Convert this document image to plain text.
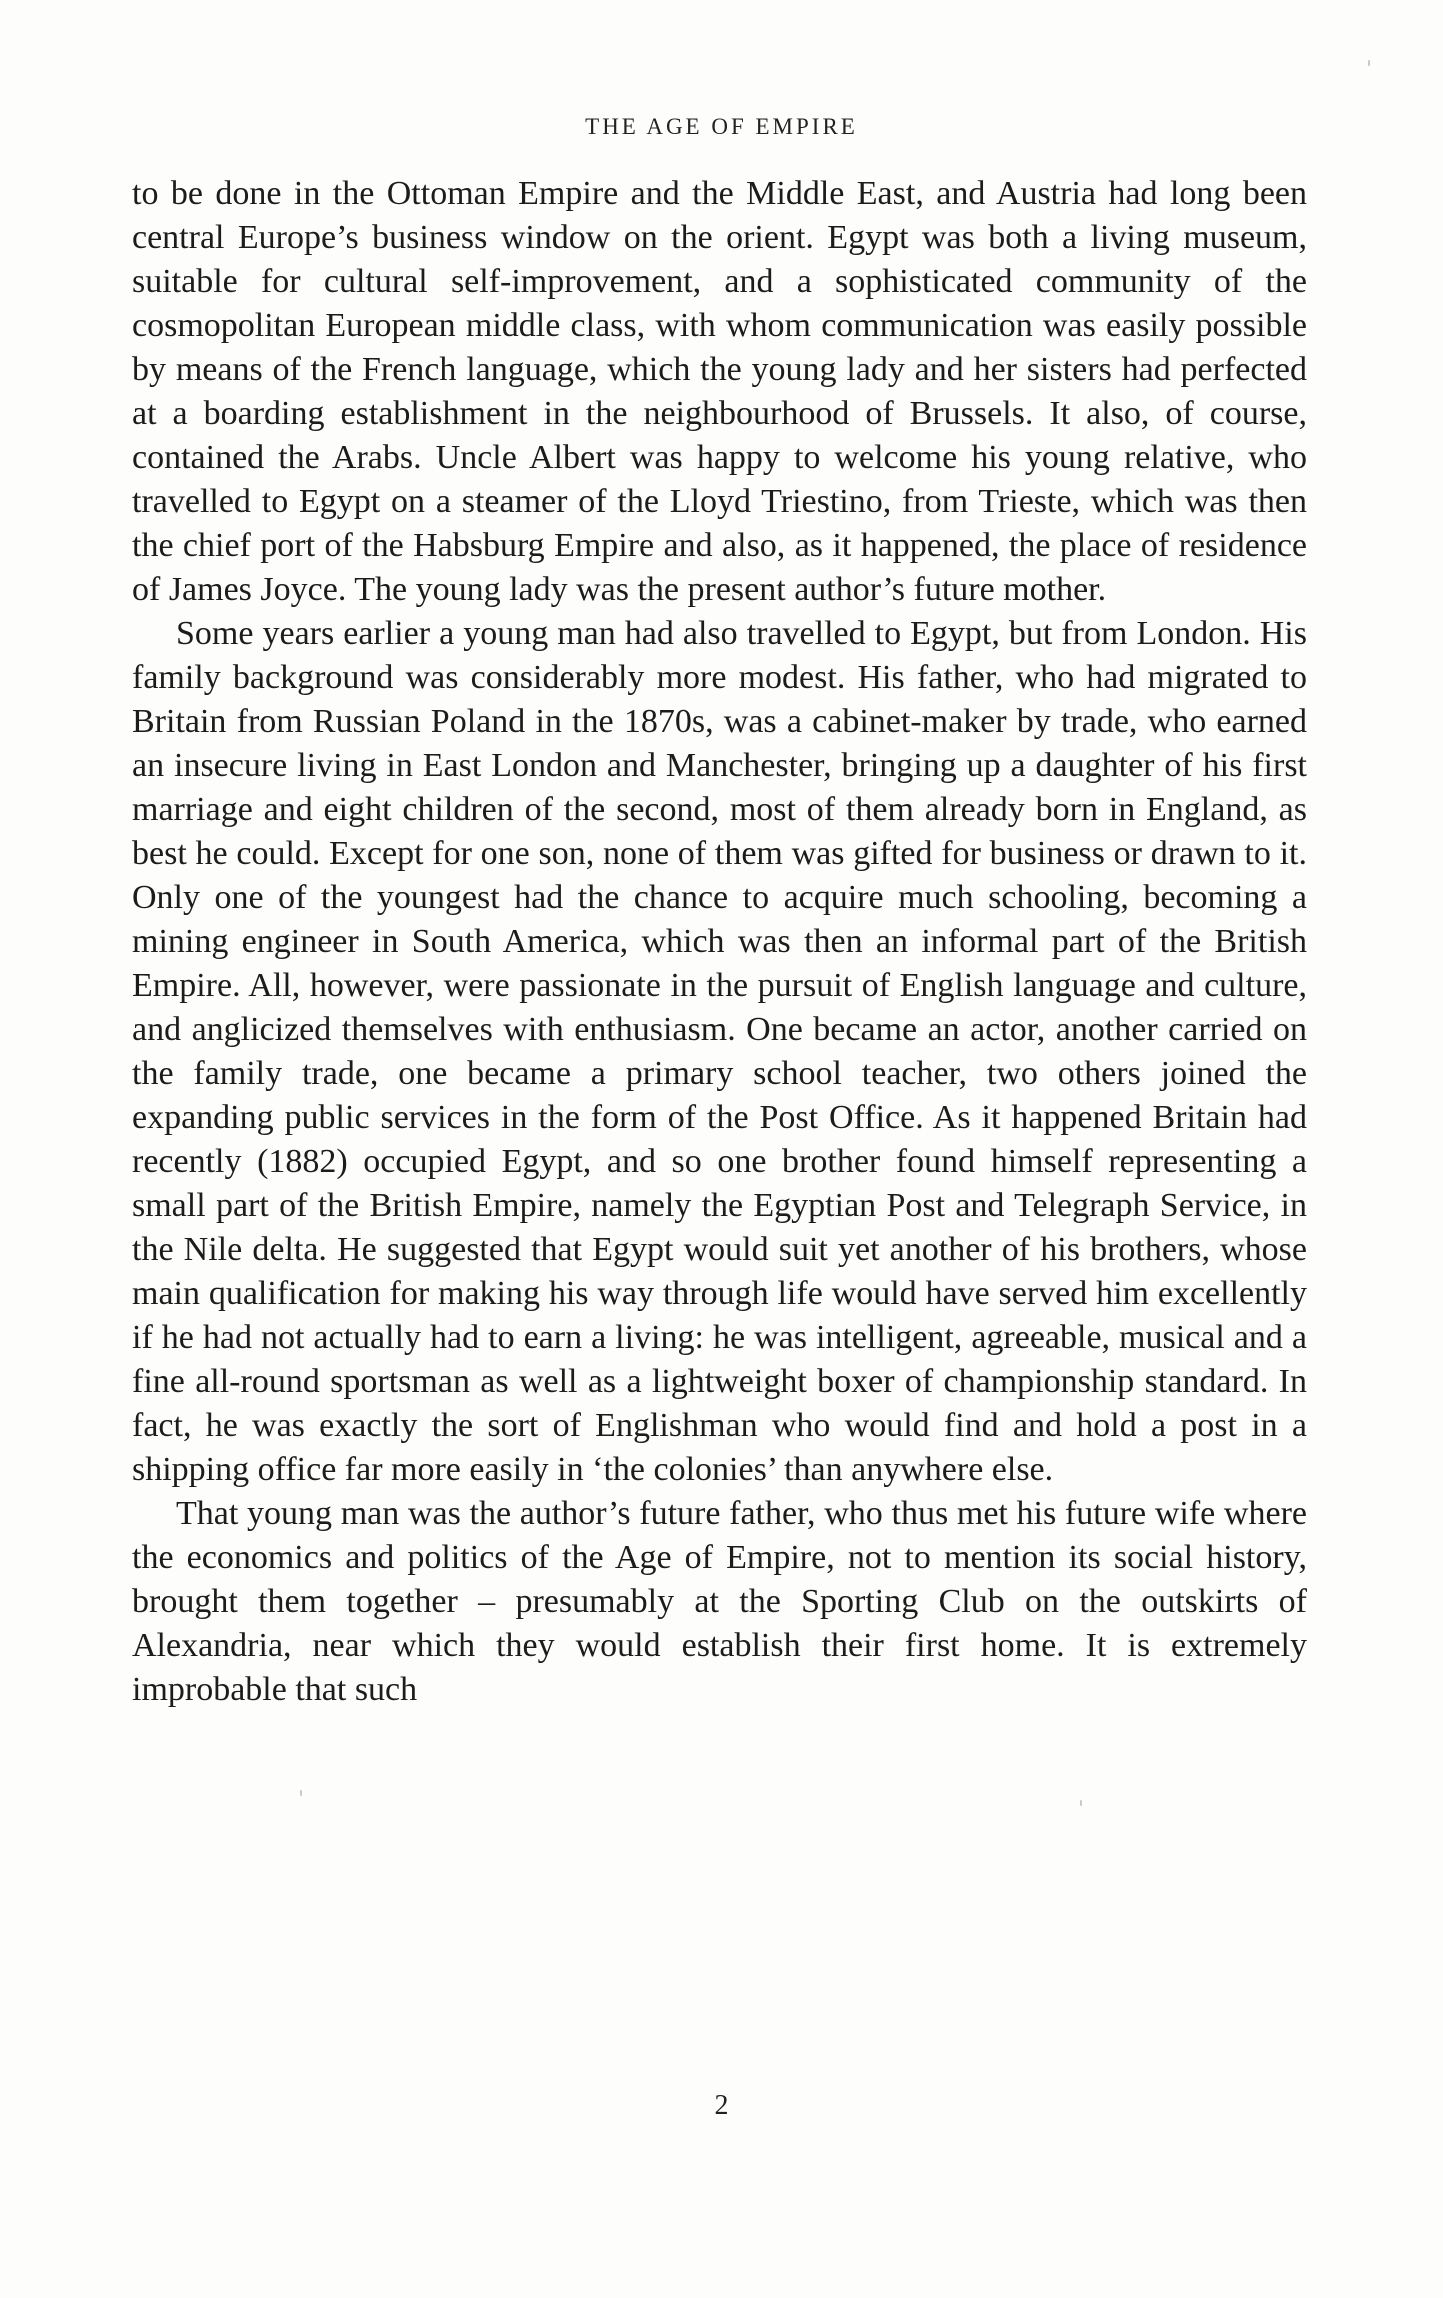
THE AGE OF EMPIRE

to be done in the Ottoman Empire and the Middle East, and Austria had long been central Europe’s business window on the orient. Egypt was both a living museum, suitable for cultural self-improvement, and a sophisticated community of the cosmopolitan European middle class, with whom communication was easily possible by means of the French language, which the young lady and her sisters had perfected at a boarding establishment in the neighbourhood of Brussels. It also, of course, contained the Arabs. Uncle Albert was happy to welcome his young relative, who travelled to Egypt on a steamer of the Lloyd Triestino, from Trieste, which was then the chief port of the Habsburg Empire and also, as it happened, the place of residence of James Joyce. The young lady was the present author’s future mother.

Some years earlier a young man had also travelled to Egypt, but from London. His family background was considerably more modest. His father, who had migrated to Britain from Russian Poland in the 1870s, was a cabinet-maker by trade, who earned an insecure living in East London and Manchester, bringing up a daughter of his first marriage and eight children of the second, most of them already born in England, as best he could. Except for one son, none of them was gifted for business or drawn to it. Only one of the youngest had the chance to acquire much schooling, becoming a mining engineer in South America, which was then an informal part of the British Empire. All, however, were passionate in the pursuit of English language and culture, and anglicized themselves with enthusiasm. One became an actor, another carried on the family trade, one became a primary school teacher, two others joined the expanding public services in the form of the Post Office. As it happened Britain had recently (1882) occupied Egypt, and so one brother found himself representing a small part of the British Empire, namely the Egyptian Post and Telegraph Service, in the Nile delta. He suggested that Egypt would suit yet another of his brothers, whose main qualification for making his way through life would have served him excellently if he had not actually had to earn a living: he was intelligent, agreeable, musical and a fine all-round sportsman as well as a lightweight boxer of championship standard. In fact, he was exactly the sort of Englishman who would find and hold a post in a shipping office far more easily in ‘the colonies’ than anywhere else.

That young man was the author’s future father, who thus met his future wife where the economics and politics of the Age of Empire, not to mention its social history, brought them together – presumably at the Sporting Club on the outskirts of Alexandria, near which they would establish their first home. It is extremely improbable that such

2
